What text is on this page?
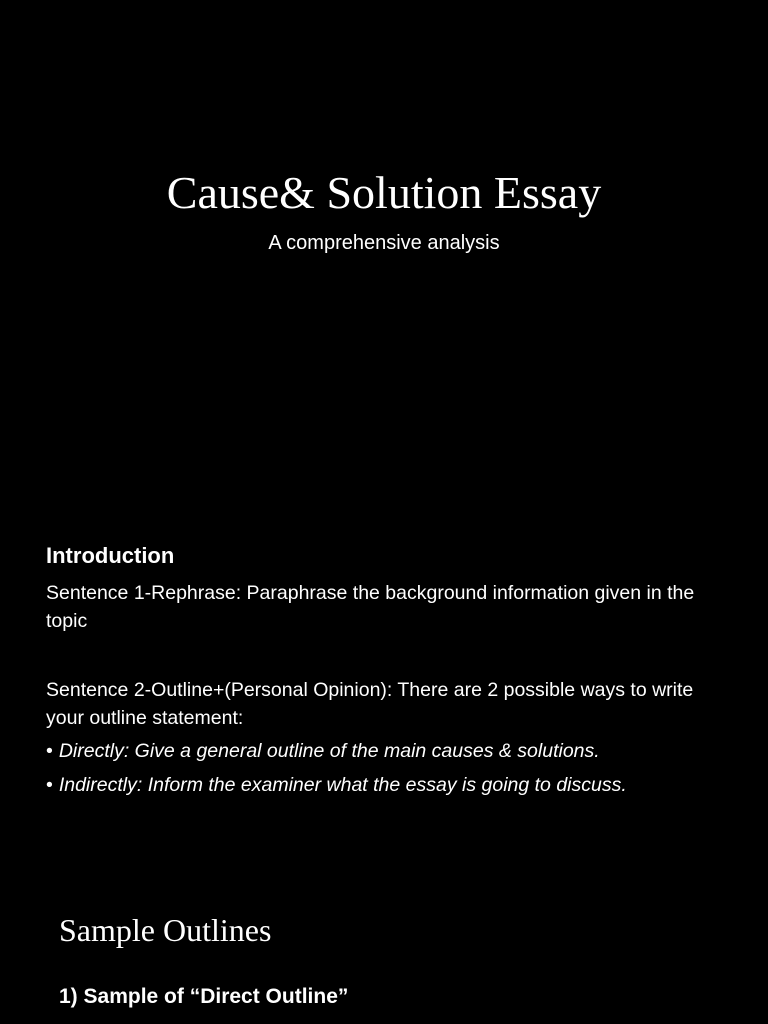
Cause& Solution Essay

A comprehensive analysis

Introduction

Sentence 1-Rephrase: Paraphrase the background information given in the topic

Sentence 2-Outline+(Personal Opinion): There are 2 possible ways to write your outline statement:

• Directly: Give a general outline of the main causes & solutions.
• Indirectly: Inform the examiner what the essay is going to discuss.
Sample Outlines
1) Sample of “Direct Outline”
